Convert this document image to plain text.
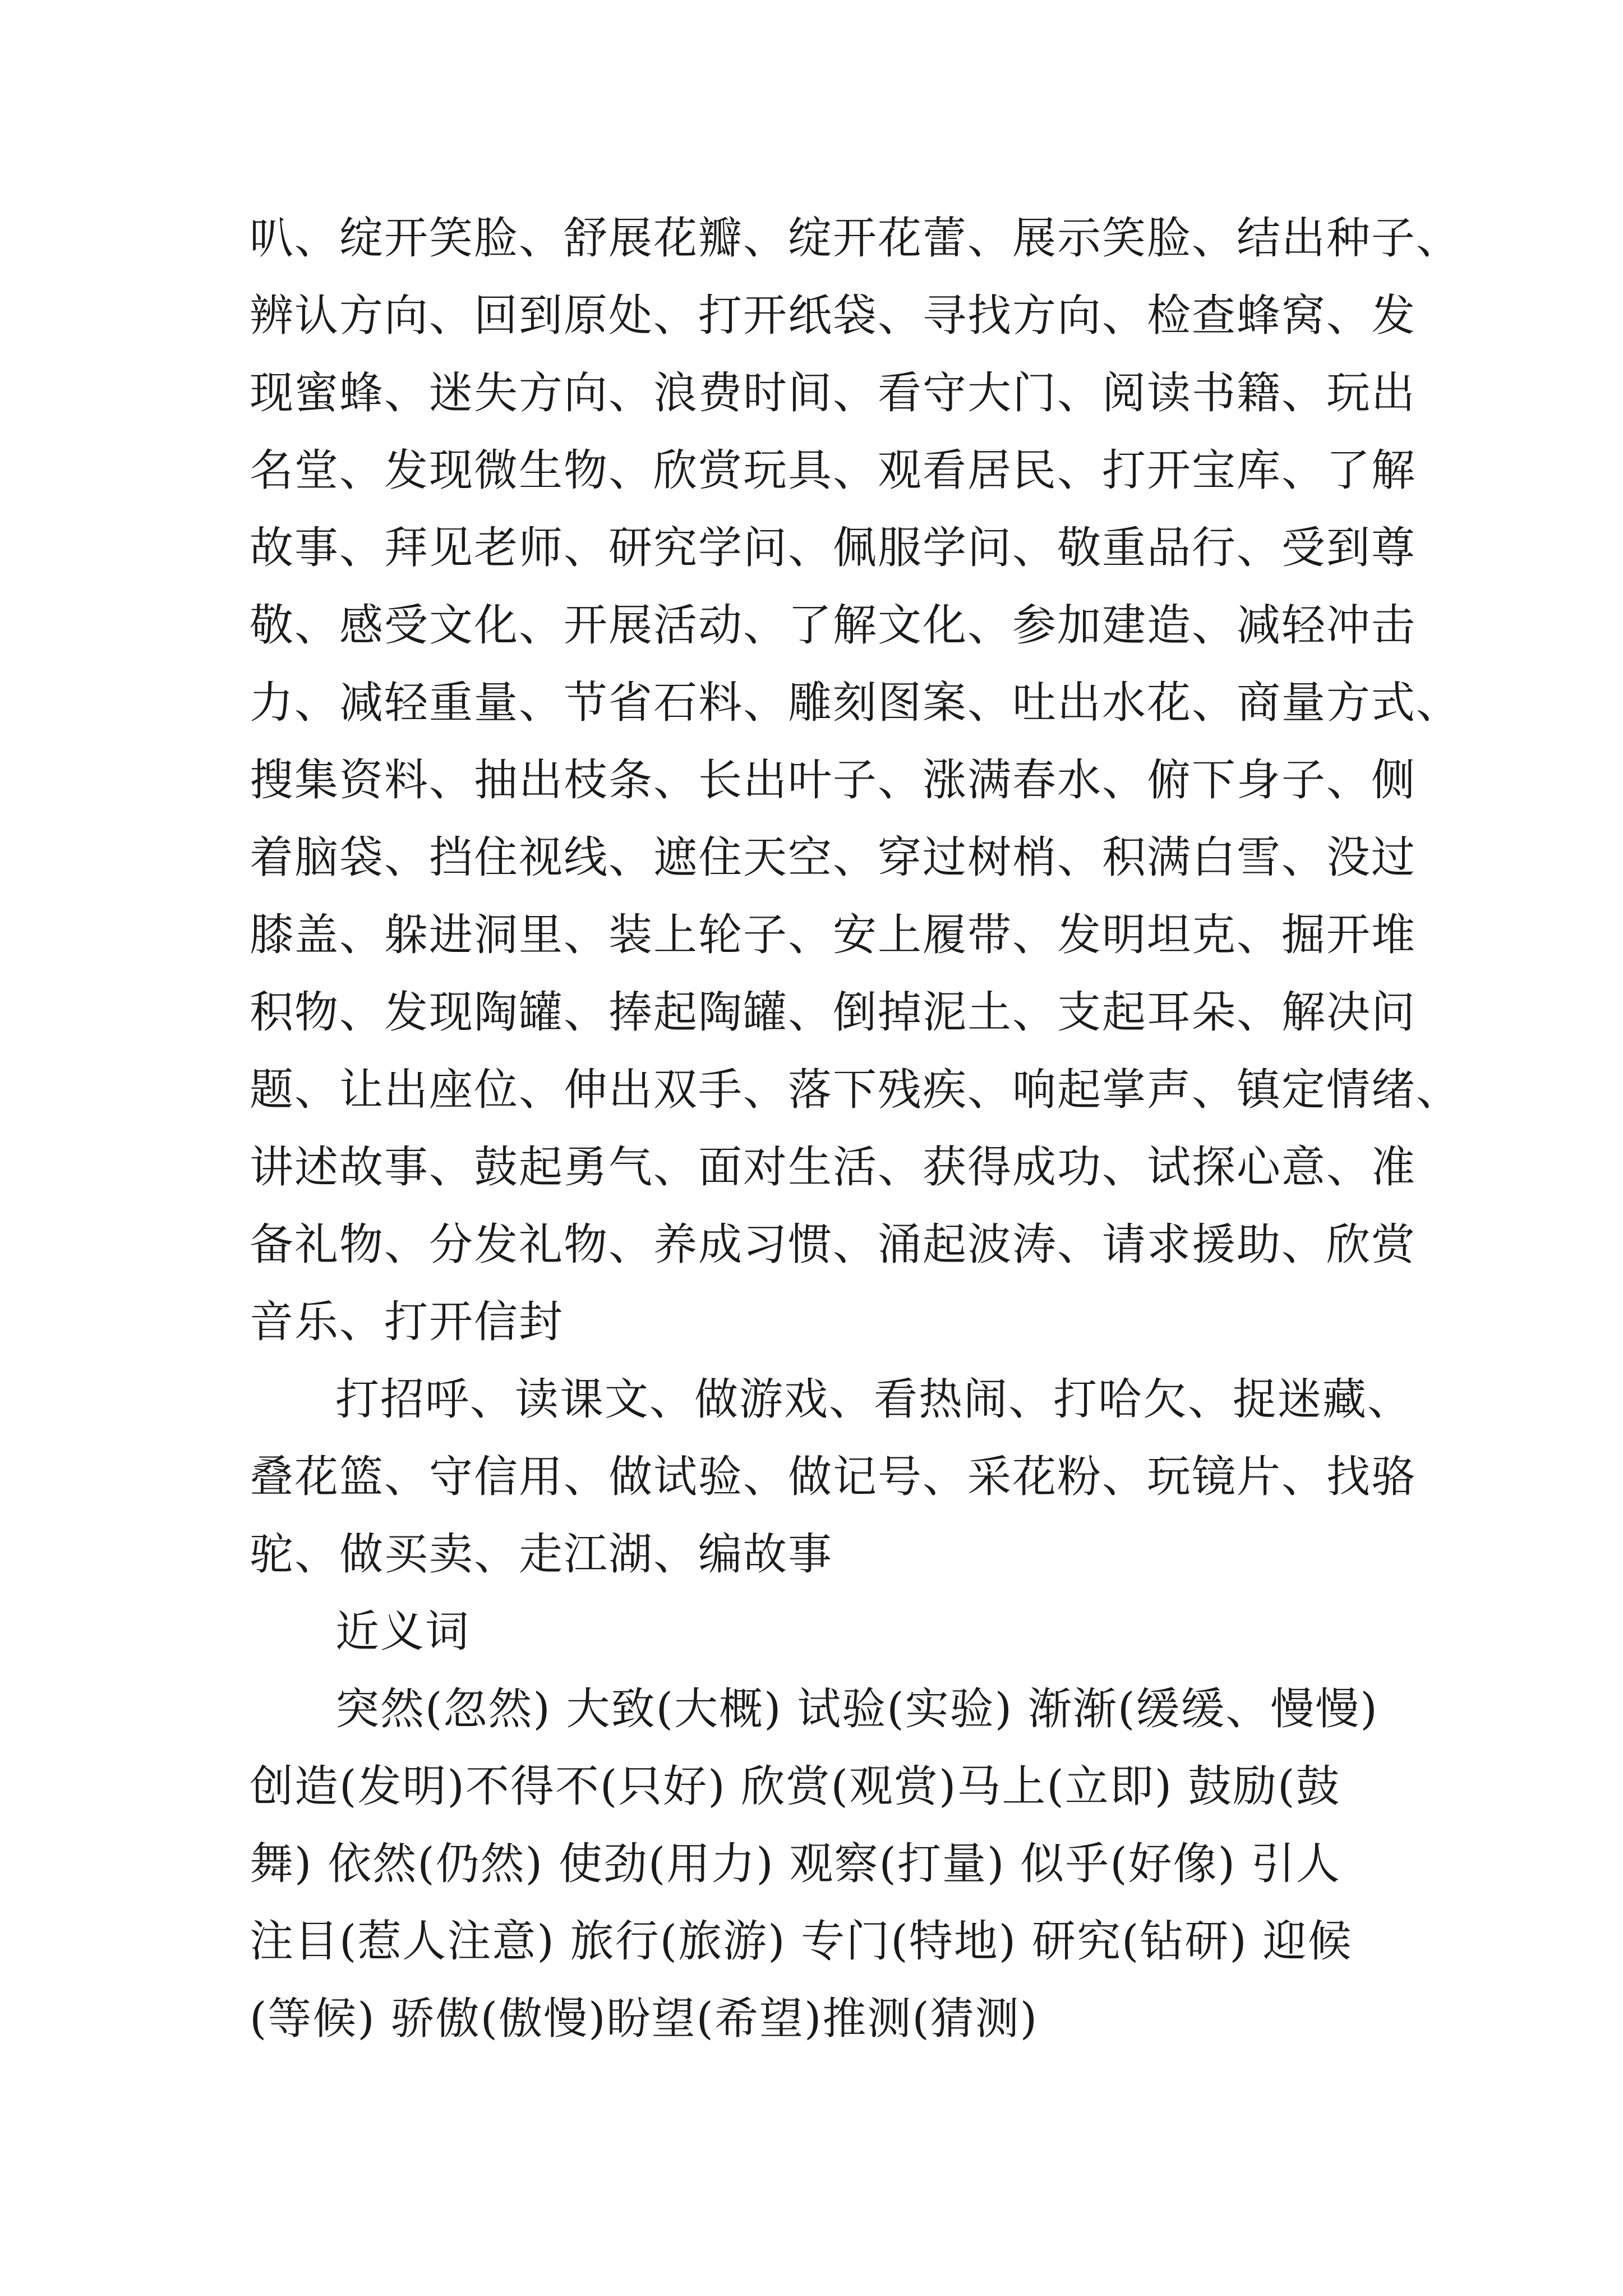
叭、绽开笑脸、舒展花瓣、绽开花蕾、展示笑脸、结出种子、
辨认方向、回到原处、打开纸袋、寻找方向、检查蜂窝、发
现蜜蜂、迷失方向、浪费时间、看守大门、阅读书籍、玩出
名堂、发现微生物、欣赏玩具、观看居民、打开宝库、了解
故事、拜见老师、研究学问、佩服学问、敬重品行、受到尊
敬、感受文化、开展活动、了解文化、参加建造、减轻冲击
力、减轻重量、节省石料、雕刻图案、吐出水花、商量方式、
搜集资料、抽出枝条、长出叶子、涨满春水、俯下身子、侧
着脑袋、挡住视线、遮住天空、穿过树梢、积满白雪、没过
膝盖、躲进洞里、装上轮子、安上履带、发明坦克、掘开堆
积物、发现陶罐、捧起陶罐、倒掉泥土、支起耳朵、解决问
题、让出座位、伸出双手、落下残疾、响起掌声、镇定情绪、
讲述故事、鼓起勇气、面对生活、获得成功、试探心意、准
备礼物、分发礼物、养成习惯、涌起波涛、请求援助、欣赏
音乐、打开信封
打招呼、读课文、做游戏、看热闹、打哈欠、捉迷藏、
叠花篮、守信用、做试验、做记号、采花粉、玩镜片、找骆
驼、做买卖、走江湖、编故事
近义词
突然(忽然) 大致(大概) 试验(实验) 渐渐(缓缓、慢慢)
创造(发明)不得不(只好) 欣赏(观赏)马上(立即) 鼓励(鼓
舞) 依然(仍然) 使劲(用力) 观察(打量) 似乎(好像) 引人
注目(惹人注意) 旅行(旅游) 专门(特地) 研究(钻研) 迎候
(等候) 骄傲(傲慢)盼望(希望)推测(猜测)
